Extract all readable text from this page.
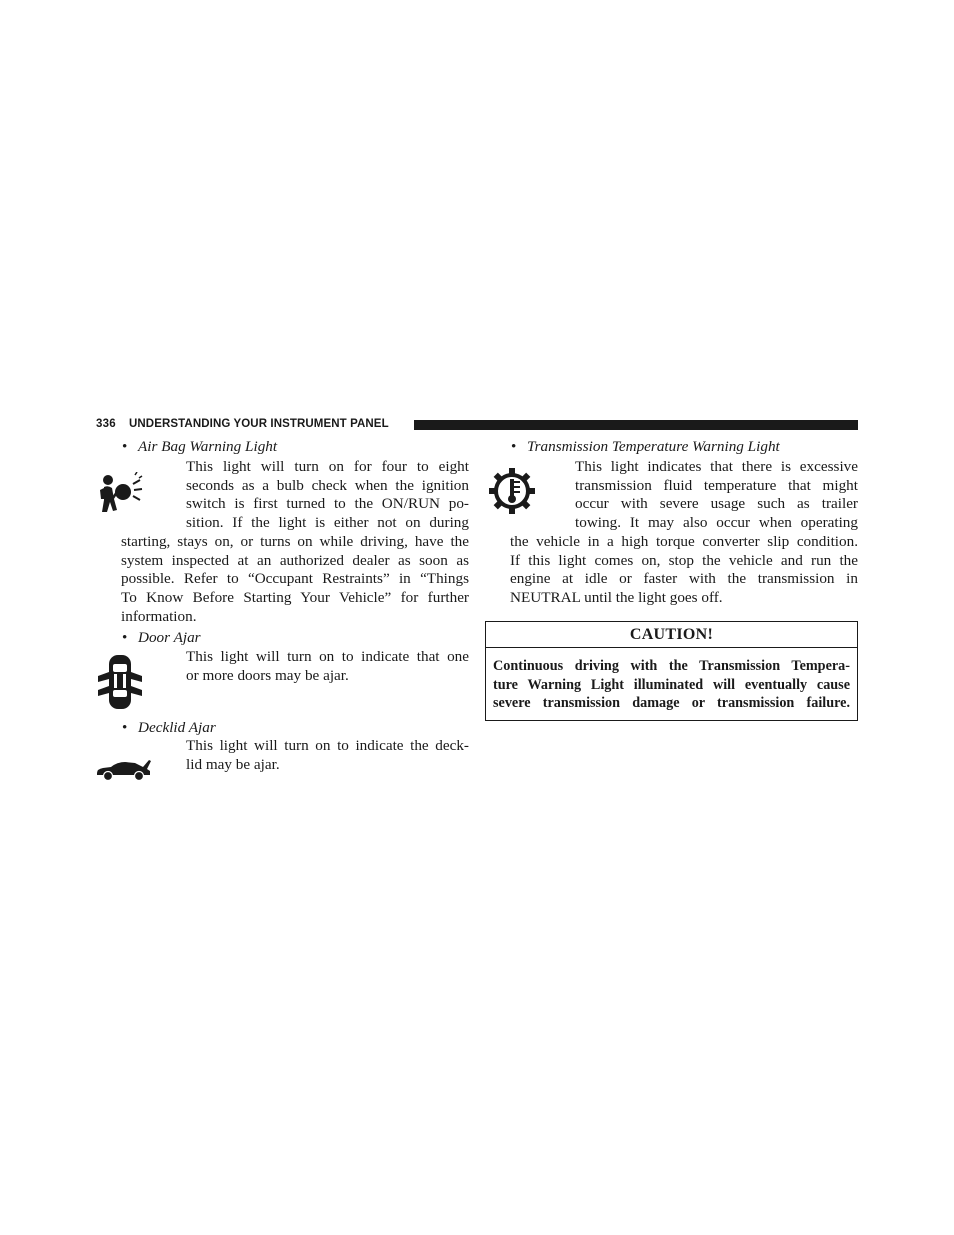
336 UNDERSTANDING YOUR INSTRUMENT PANEL

• Air Bag Warning Light

This light will turn on for four to eight

seconds as a bulb check when the ignition

switch is first turned to the ON/RUN po-

sition. If the light is either not on during

starting, stays on, or turns on while driving, have the

system inspected at an authorized dealer as soon as

possible. Refer to “Occupant Restraints” in “Things

To Know Before Starting Your Vehicle” for further

information.

• Door Ajar

This light will turn on to indicate that one

or more doors may be ajar.

• Decklid Ajar

This light will turn on to indicate the deck-

lid may be ajar.

• Transmission Temperature Warning Light

This light indicates that there is excessive

transmission fluid temperature that might

occur with severe usage such as trailer

towing. It may also occur when operating

the vehicle in a high torque converter slip condition.

If this light comes on, stop the vehicle and run the

engine at idle or faster with the transmission in

NEUTRAL until the light goes off.

CAUTION!
Continuous driving with the Transmission Tempera-
ture Warning Light illuminated will eventually cause
severe transmission damage or transmission failure.
